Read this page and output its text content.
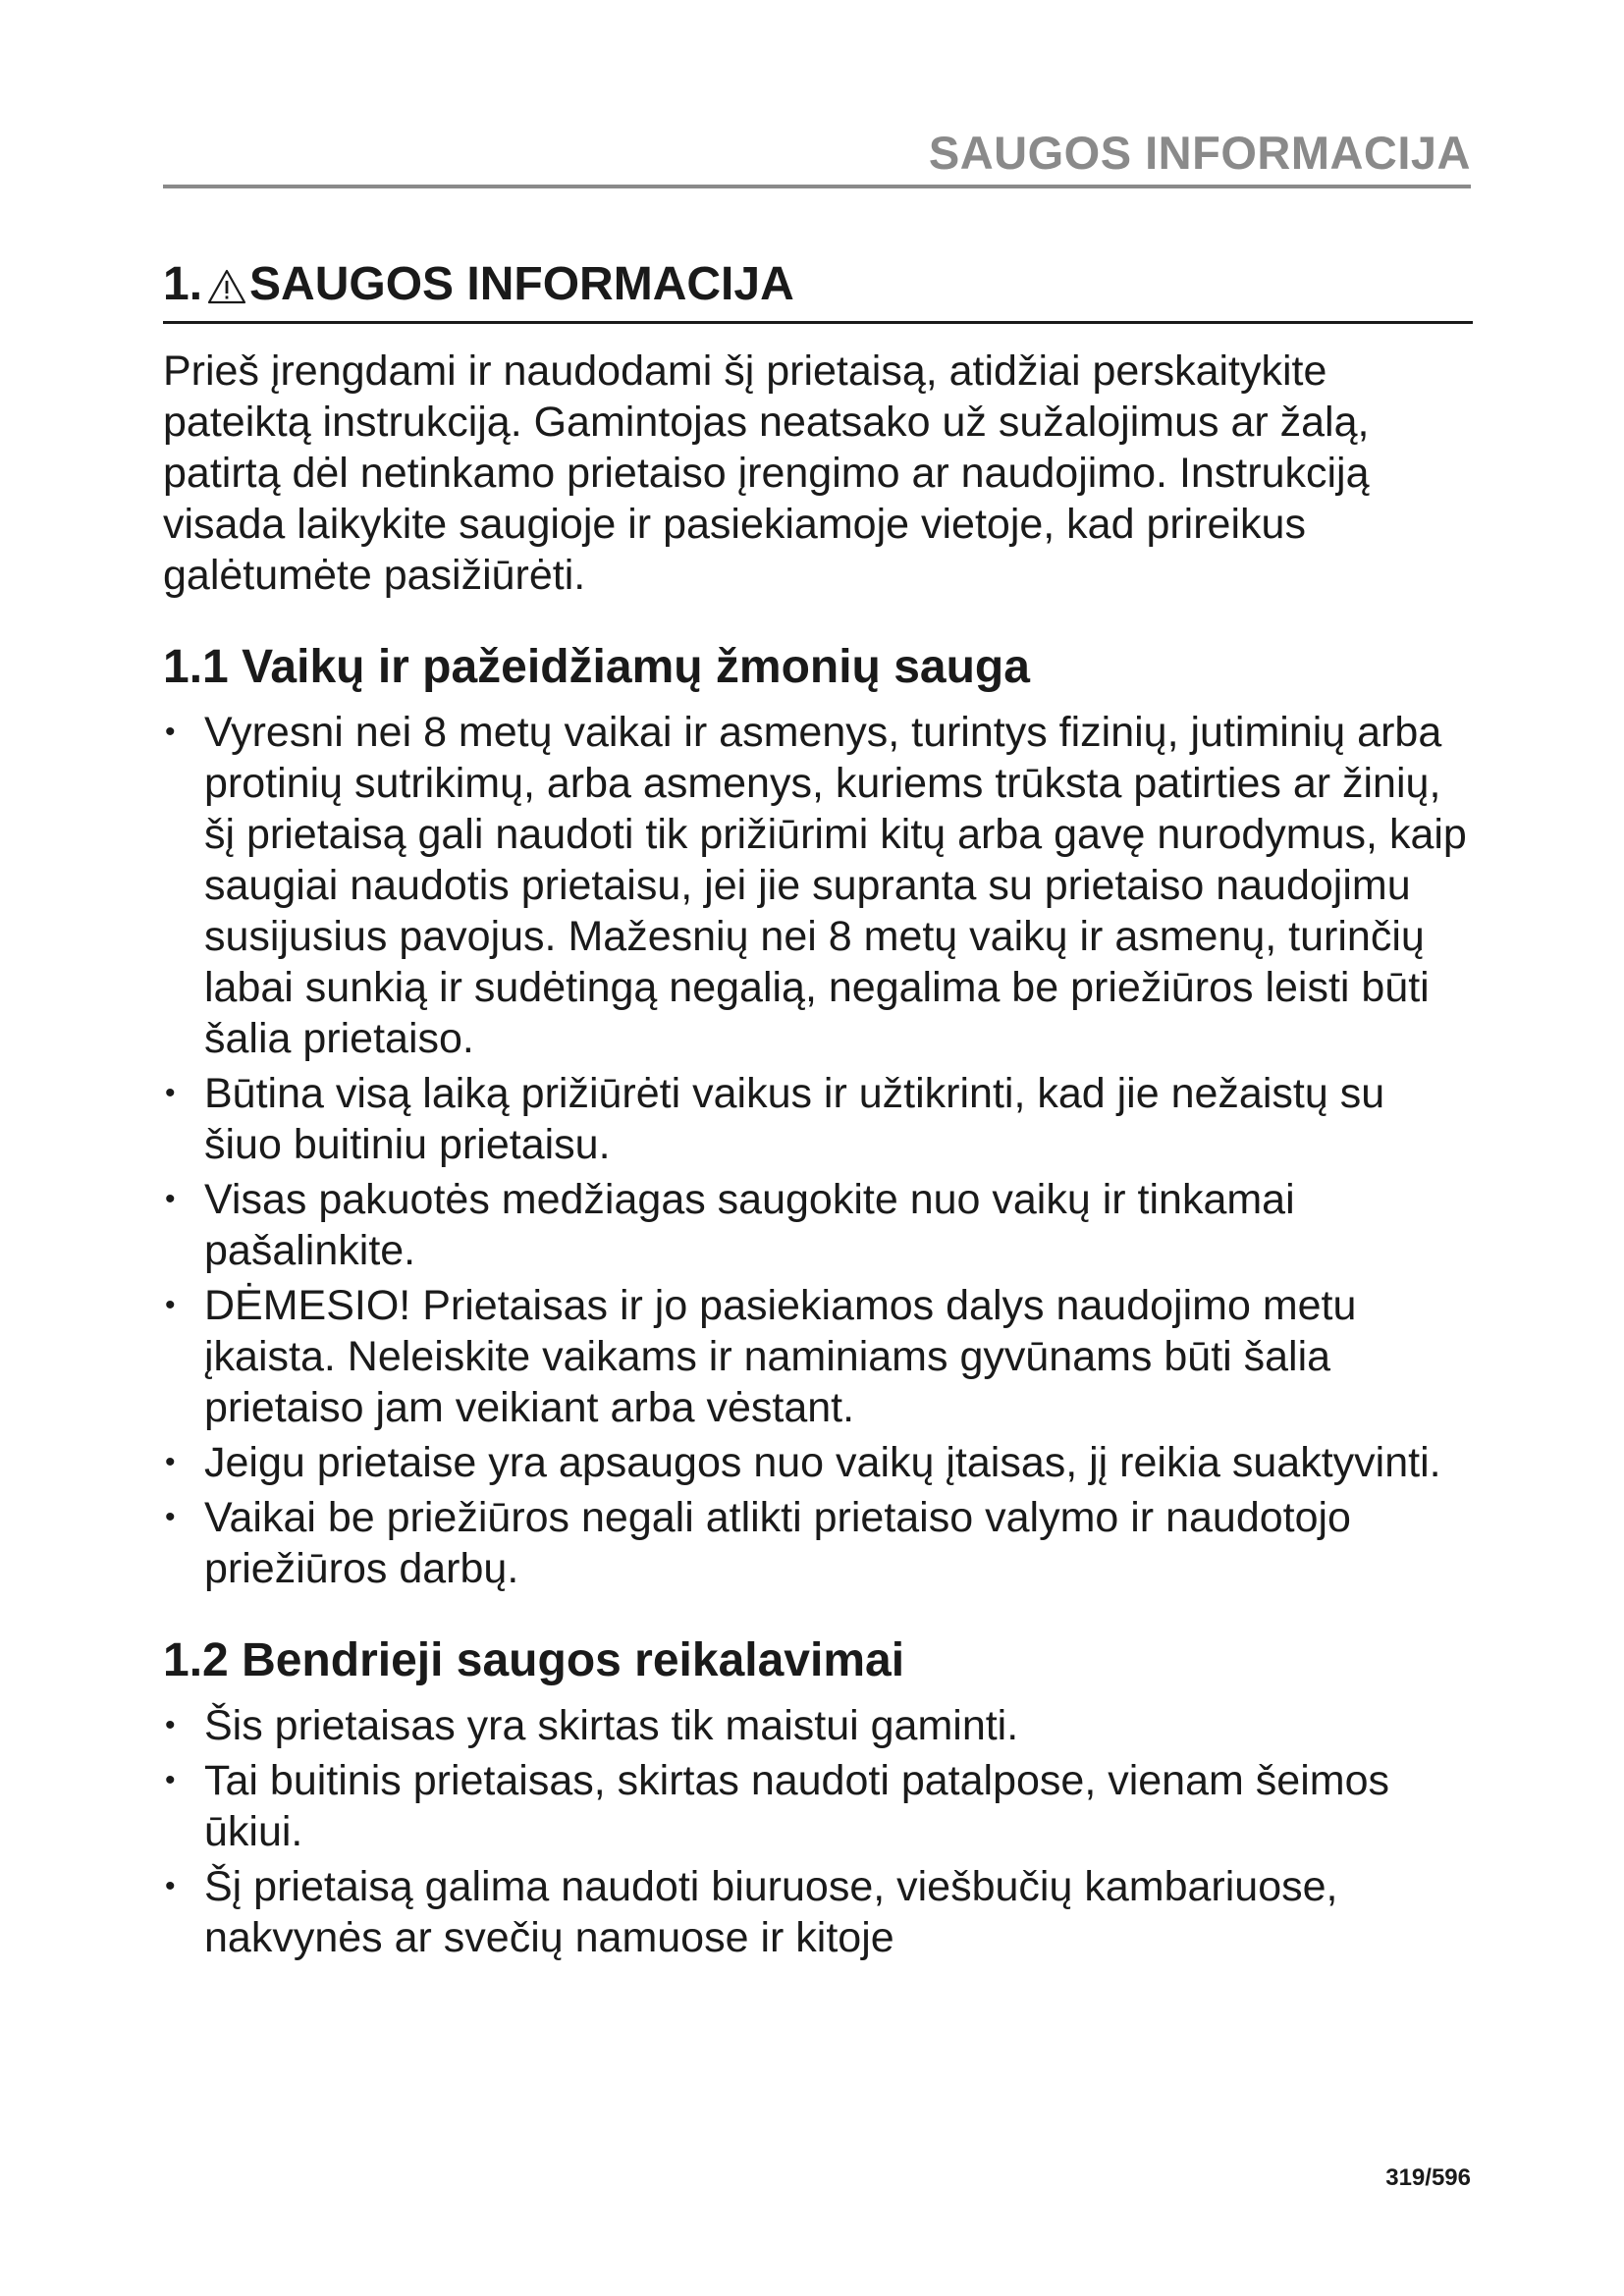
SAUGOS INFORMACIJA
1. SAUGOS INFORMACIJA

Prieš įrengdami ir naudodami šį prietaisą, atidžiai perskaitykite pateiktą instrukciją. Gamintojas neatsako už sužalojimus ar žalą, patirtą dėl netinkamo prietaiso įrengimo ar naudojimo. Instrukciją visada laikykite saugioje ir pasiekiamoje vietoje, kad prireikus galėtumėte pasižiūrėti.

1.1 Vaikų ir pažeidžiamų žmonių sauga
• Vyresni nei 8 metų vaikai ir asmenys, turintys fizinių, jutiminių arba protinių sutrikimų, arba asmenys, kuriems trūksta patirties ar žinių, šį prietaisą gali naudoti tik prižiūrimi kitų arba gavę nurodymus, kaip saugiai naudotis prietaisu, jei jie supranta su prietaiso naudojimu susijusius pavojus. Mažesnių nei 8 metų vaikų ir asmenų, turinčių labai sunkią ir sudėtingą negalią, negalima be priežiūros leisti būti šalia prietaiso.
• Būtina visą laiką prižiūrėti vaikus ir užtikrinti, kad jie nežaistų su šiuo buitiniu prietaisu.
• Visas pakuotės medžiagas saugokite nuo vaikų ir tinkamai pašalinkite.
• DĖMESIO! Prietaisas ir jo pasiekiamos dalys naudojimo metu įkaista. Neleiskite vaikams ir naminiams gyvūnams būti šalia prietaiso jam veikiant arba vėstant.
• Jeigu prietaise yra apsaugos nuo vaikų įtaisas, jį reikia suaktyvinti.
• Vaikai be priežiūros negali atlikti prietaiso valymo ir naudotojo priežiūros darbų.
1.2 Bendrieji saugos reikalavimai
• Šis prietaisas yra skirtas tik maistui gaminti.
• Tai buitinis prietaisas, skirtas naudoti patalpose, vienam šeimos ūkiui.
• Šį prietaisą galima naudoti biuruose, viešbučių kambariuose, nakvynės ar svečių namuose ir kitoje
319/596
